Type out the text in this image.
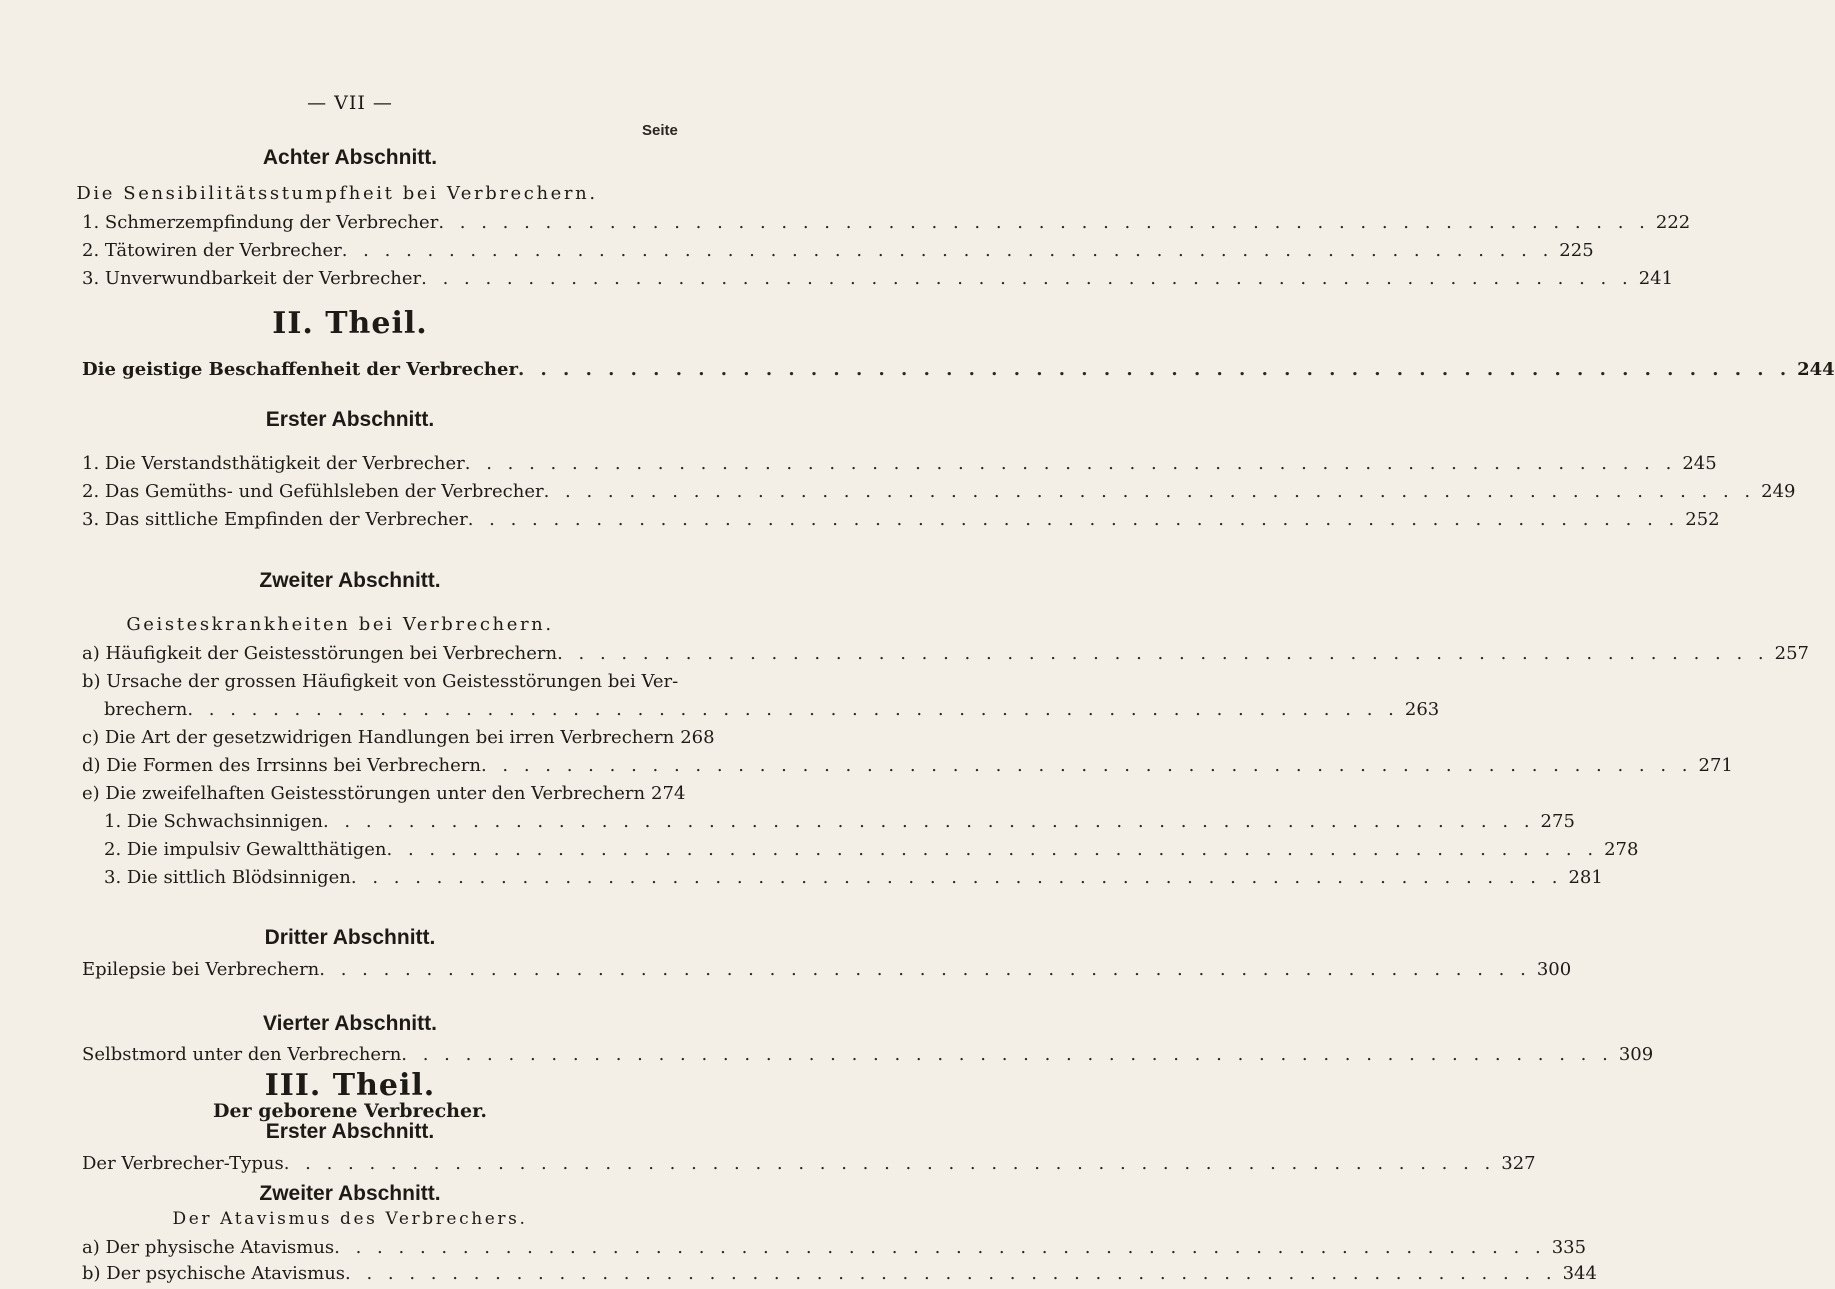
— VII —
Seite
Achter Abschnitt.
Die Sensibilitätsstumpfheit bei Verbrechern.
1. Schmerzempfindung der Verbrecher . . . . . . . . . . . . . . . . . . . . . . . . . . . . . . . . . . . . . . . . . . . . . . . . . . . . . . . . . 222
2. Tätowiren der Verbrecher . . . . . . . . . . . . . . . . . . . . . . . . . . . . . . . . . . . . . . . . . . . . . . . . . . . . . . . . . 225
3. Unverwundbarkeit der Verbrecher . . . . . . . . . . . . . . . . . . . . . . . . . . . . . . . . . . . . . . . . . . . . . . . . . . . . . . . . . 241
II. Theil.
Die geistige Beschaffenheit der Verbrecher . . . . . . . . . . . . . . . . . . . . . . . . . . . . . . . . . . . . . . . . . . . . . . . . . . . . . . . . . 244
Erster Abschnitt.
1. Die Verstandsthätigkeit der Verbrecher . . . . . . . . . . . . . . . . . . . . . . . . . . . . . . . . . . . . . . . . . . . . . . . . . . . . . . . . . 245
2. Das Gemüths- und Gefühlsleben der Verbrecher . . . . . . . . . . . . . . . . . . . . . . . . . . . . . . . . . . . . . . . . . . . . . . . . . . . . . . . . . 249
3. Das sittliche Empfinden der Verbrecher . . . . . . . . . . . . . . . . . . . . . . . . . . . . . . . . . . . . . . . . . . . . . . . . . . . . . . . . . 252
Zweiter Abschnitt.
Geisteskrankheiten bei Verbrechern.
a) Häufigkeit der Geistesstörungen bei Verbrechern . . . . . . . . . . . . . . . . . . . . . . . . . . . . . . . . . . . . . . . . . . . . . . . . . . . . . . . . . 257
b) Ursache der grossen Häufigkeit von Geistesstörungen bei Ver-
brechern . . . . . . . . . . . . . . . . . . . . . . . . . . . . . . . . . . . . . . . . . . . . . . . . . . . . . . . . . 263
c) Die Art der gesetzwidrigen Handlungen bei irren Verbrechern 268
d) Die Formen des Irrsinns bei Verbrechern . . . . . . . . . . . . . . . . . . . . . . . . . . . . . . . . . . . . . . . . . . . . . . . . . . . . . . . . . 271
e) Die zweifelhaften Geistesstörungen unter den Verbrechern 274
1. Die Schwachsinnigen . . . . . . . . . . . . . . . . . . . . . . . . . . . . . . . . . . . . . . . . . . . . . . . . . . . . . . . . . 275
2. Die impulsiv Gewaltthätigen . . . . . . . . . . . . . . . . . . . . . . . . . . . . . . . . . . . . . . . . . . . . . . . . . . . . . . . . . 278
3. Die sittlich Blödsinnigen . . . . . . . . . . . . . . . . . . . . . . . . . . . . . . . . . . . . . . . . . . . . . . . . . . . . . . . . . 281
Dritter Abschnitt.
Epilepsie bei Verbrechern . . . . . . . . . . . . . . . . . . . . . . . . . . . . . . . . . . . . . . . . . . . . . . . . . . . . . . . . . 300
Vierter Abschnitt.
Selbstmord unter den Verbrechern . . . . . . . . . . . . . . . . . . . . . . . . . . . . . . . . . . . . . . . . . . . . . . . . . . . . . . . . . 309
III. Theil.
Der geborene Verbrecher.
Erster Abschnitt.
Der Verbrecher-Typus . . . . . . . . . . . . . . . . . . . . . . . . . . . . . . . . . . . . . . . . . . . . . . . . . . . . . . . . . 327
Zweiter Abschnitt.
Der Atavismus des Verbrechers.
a) Der physische Atavismus . . . . . . . . . . . . . . . . . . . . . . . . . . . . . . . . . . . . . . . . . . . . . . . . . . . . . . . . . 335
b) Der psychische Atavismus . . . . . . . . . . . . . . . . . . . . . . . . . . . . . . . . . . . . . . . . . . . . . . . . . . . . . . . . . 344
